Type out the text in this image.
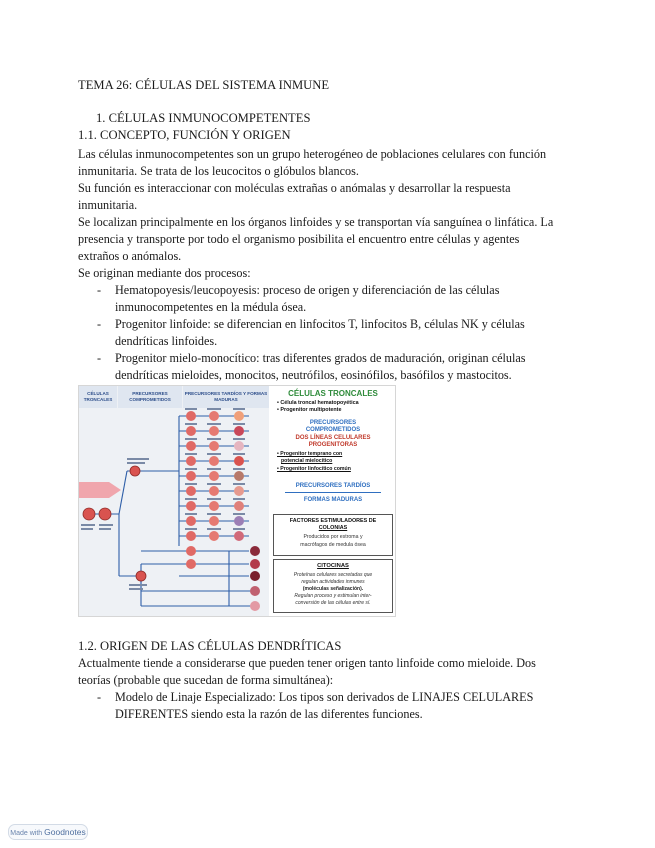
TEMA 26: CÉLULAS DEL SISTEMA INMUNE
1. CÉLULAS INMUNOCOMPETENTES
1.1. CONCEPTO, FUNCIÓN Y ORIGEN
Las células inmunocompetentes son un grupo heterogéneo de poblaciones celulares con función
inmunitaria. Se trata de los leucocitos o glóbulos blancos.
Su función es interaccionar con moléculas extrañas o anómalas y desarrollar la respuesta
inmunitaria.
Se localizan principalmente en los órganos linfoides y se transportan vía sanguínea o linfática. La
presencia y transporte por todo el organismo posibilita el encuentro entre células y agentes
extraños o anómalos.
Se originan mediante dos procesos:
- Hematopoyesis/leucopoyesis: proceso de origen y diferenciación de las células
inmunocompetentes en la médula ósea.
- Progenitor linfoide: se diferencian en linfocitos T, linfocitos B, células NK y células
dendríticas linfoides.
- Progenitor mielo-monocítico: tras diferentes grados de maduración, originan células
dendríticas mieloides, monocitos, neutrófilos, eosinófilos, basófilos y mastocitos.
CÉLULAS TRONCALES
PRECURSORES COMPROMETIDOS
PRECURSORES TARDÍOS Y FORMAS MADURAS
CÉLULAS TRONCALES
• Célula troncal hematopoyética
• Progenitor multipotente
PRECURSORES
COMPROMETIDOS
DOS LÍNEAS CELULARES
PROGENITORAS
• Progenitor temprano con
potencial mielocítico
• Progenitor linfocítico común
PRECURSORES TARDÍOS
FORMAS MADURAS
FACTORES ESTIMULADORES DE
COLONIAS
Producidos por estroma y
macrófagos de medula ósea
CITOCINAS
Proteínas celulares secretadas que
regulan actividades inmunes
(moléculas señalización).
Regulan proceso y estimulan inter-
conversión de las células entre sí.
1.2. ORIGEN DE LAS CÉLULAS DENDRÍTICAS
Actualmente tiende a considerarse que pueden tener origen tanto linfoide como mieloide. Dos
teorías (probable que sucedan de forma simultánea):
- Modelo de Linaje Especializado: Los tipos son derivados de LINAJES CELULARES
DIFERENTES siendo esta la razón de las diferentes funciones.
Made with Goodnotes
